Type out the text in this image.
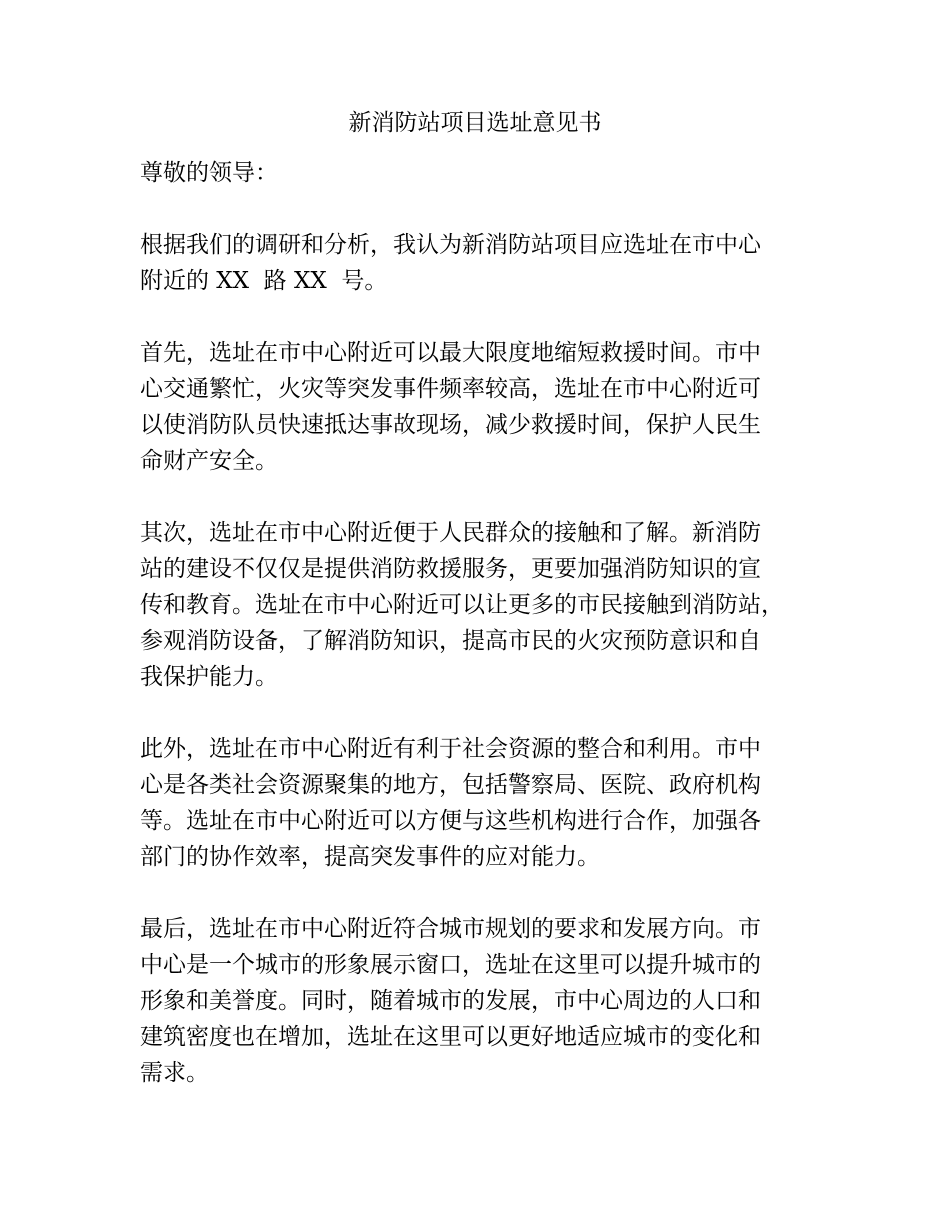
新消防站项目选址意见书

尊敬的领导：

根据我们的调研和分析，我认为新消防站项目应选址在市中心
附近的 XX  路 XX  号。

首先，选址在市中心附近可以最大限度地缩短救援时间。市中
心交通繁忙，火灾等突发事件频率较高，选址在市中心附近可
以使消防队员快速抵达事故现场，减少救援时间，保护人民生
命财产安全。

其次，选址在市中心附近便于人民群众的接触和了解。新消防
站的建设不仅仅是提供消防救援服务，更要加强消防知识的宣
传和教育。选址在市中心附近可以让更多的市民接触到消防站，
参观消防设备，了解消防知识，提高市民的火灾预防意识和自
我保护能力。

此外，选址在市中心附近有利于社会资源的整合和利用。市中
心是各类社会资源聚集的地方，包括警察局、医院、政府机构
等。选址在市中心附近可以方便与这些机构进行合作，加强各
部门的协作效率，提高突发事件的应对能力。

最后，选址在市中心附近符合城市规划的要求和发展方向。市
中心是一个城市的形象展示窗口，选址在这里可以提升城市的
形象和美誉度。同时，随着城市的发展，市中心周边的人口和
建筑密度也在增加，选址在这里可以更好地适应城市的变化和
需求。
